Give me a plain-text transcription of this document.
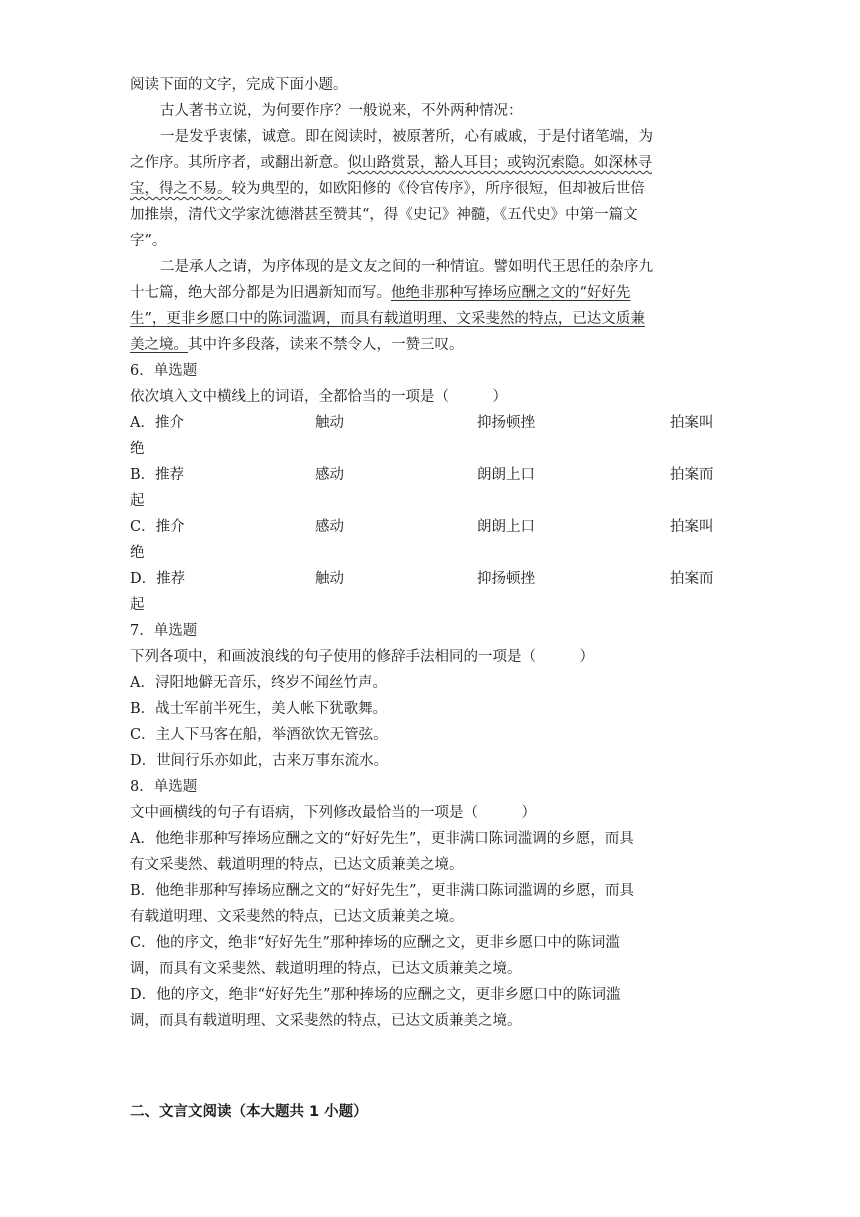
阅读下面的文字，完成下面小题。
古人著书立说，为何要作序？一般说来，不外两种情况：
一是发乎衷愫，诚意。即在阅读时，被原著所，心有戚戚，于是付诸笔端，为
之作序。其所序者，或翻出新意。似山路赏景，豁人耳目；或钩沉索隐。如深林寻
宝，得之不易。较为典型的，如欧阳修的《伶官传序》，所序很短，但却被后世倍
加推崇，清代文学家沈德潜甚至赞其“，得《史记》神髓，《五代史》中第一篇文
字”。
二是承人之请，为序体现的是文友之间的一种情谊。譬如明代王思任的杂序九
十七篇，绝大部分都是为旧遇新知而写。他绝非那种写捧场应酬之文的“好好先
生”，更非乡愿口中的陈词滥调，而具有载道明理、文采斐然的特点，已达文质兼
美之境。其中许多段落，读来不禁令人，一赞三叹。
6．单选题
依次填入文中横线上的词语，全都恰当的一项是（　　　）
A．推介	触动	抑扬顿挫	拍案叫
绝
B．推荐	感动	朗朗上口	拍案而
起
C．推介	感动	朗朗上口	拍案叫
绝
D．推荐	触动	抑扬顿挫	拍案而
起
7．单选题
下列各项中，和画波浪线的句子使用的修辞手法相同的一项是（　　　）
A．浔阳地僻无音乐，终岁不闻丝竹声。
B．战士军前半死生，美人帐下犹歌舞。
C．主人下马客在船，举酒欲饮无管弦。
D．世间行乐亦如此，古来万事东流水。
8．单选题
文中画横线的句子有语病，下列修改最恰当的一项是（　　　）
A．他绝非那种写捧场应酬之文的“好好先生”，更非满口陈词滥调的乡愿，而具
有文采斐然、载道明理的特点，已达文质兼美之境。
B．他绝非那种写捧场应酬之文的“好好先生”，更非满口陈词滥调的乡愿，而具
有载道明理、文采斐然的特点，已达文质兼美之境。
C．他的序文，绝非“好好先生”那种捧场的应酬之文，更非乡愿口中的陈词滥
调，而具有文采斐然、载道明理的特点，已达文质兼美之境。
D．他的序文，绝非“好好先生”那种捧场的应酬之文，更非乡愿口中的陈词滥
调，而具有载道明理、文采斐然的特点，已达文质兼美之境。
二、文言文阅读（本大题共 1 小题）
